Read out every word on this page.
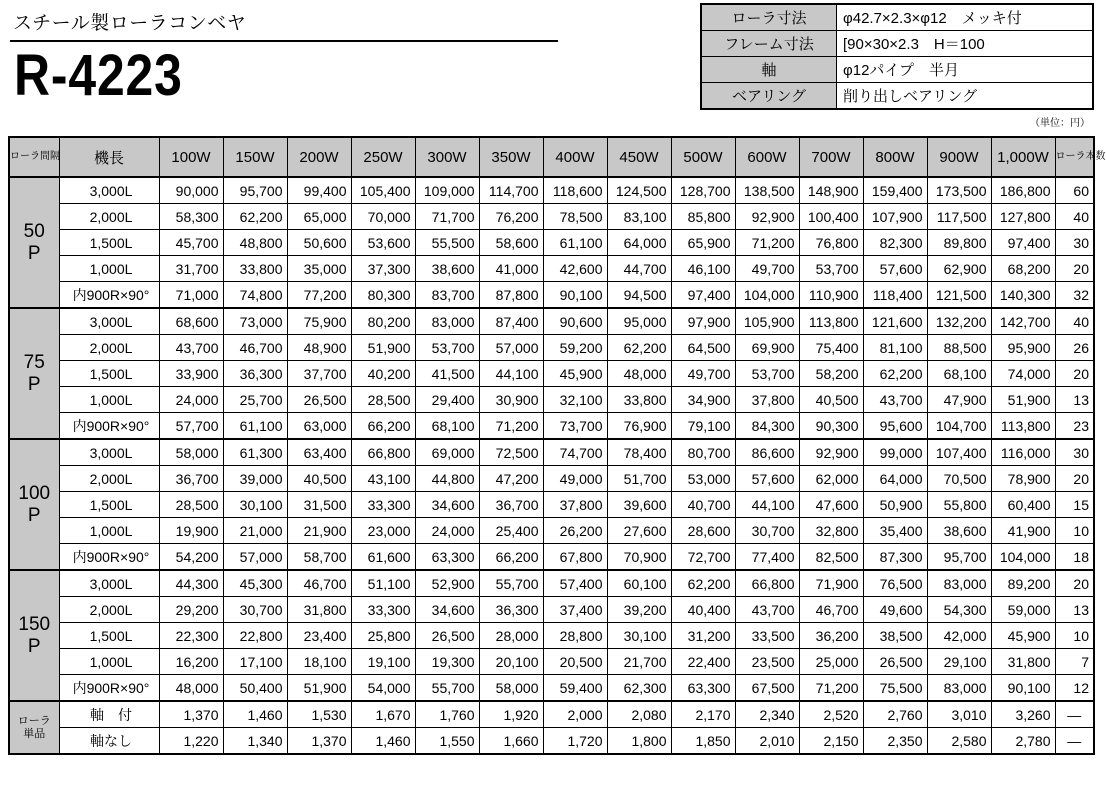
スチール製ローラコンベヤ
R-4223
ローラ寸法	φ42.7×2.3×φ12　メッキ付
フレーム寸法	[90×30×2.3　H＝100
軸	φ12パイプ　半月
ベアリング	削り出しベアリング
（単位：円）
ローラ間隔	機長	100W	150W	200W	250W	300W	350W	400W	450W	500W	600W	700W	800W	900W	1,000W	ローラ本数
50
P	3,000L	90,000	95,700	99,400	105,400	109,000	114,700	118,600	124,500	128,700	138,500	148,900	159,400	173,500	186,800	60
	2,000L	58,300	62,200	65,000	70,000	71,700	76,200	78,500	83,100	85,800	92,900	100,400	107,900	117,500	127,800	40
	1,500L	45,700	48,800	50,600	53,600	55,500	58,600	61,100	64,000	65,900	71,200	76,800	82,300	89,800	97,400	30
	1,000L	31,700	33,800	35,000	37,300	38,600	41,000	42,600	44,700	46,100	49,700	53,700	57,600	62,900	68,200	20
	内900R×90°	71,000	74,800	77,200	80,300	83,700	87,800	90,100	94,500	97,400	104,000	110,900	118,400	121,500	140,300	32
75
P	3,000L	68,600	73,000	75,900	80,200	83,000	87,400	90,600	95,000	97,900	105,900	113,800	121,600	132,200	142,700	40
	2,000L	43,700	46,700	48,900	51,900	53,700	57,000	59,200	62,200	64,500	69,900	75,400	81,100	88,500	95,900	26
	1,500L	33,900	36,300	37,700	40,200	41,500	44,100	45,900	48,000	49,700	53,700	58,200	62,200	68,100	74,000	20
	1,000L	24,000	25,700	26,500	28,500	29,400	30,900	32,100	33,800	34,900	37,800	40,500	43,700	47,900	51,900	13
	内900R×90°	57,700	61,100	63,000	66,200	68,100	71,200	73,700	76,900	79,100	84,300	90,300	95,600	104,700	113,800	23
100
P	3,000L	58,000	61,300	63,400	66,800	69,000	72,500	74,700	78,400	80,700	86,600	92,900	99,000	107,400	116,000	30
	2,000L	36,700	39,000	40,500	43,100	44,800	47,200	49,000	51,700	53,000	57,600	62,000	64,000	70,500	78,900	20
	1,500L	28,500	30,100	31,500	33,300	34,600	36,700	37,800	39,600	40,700	44,100	47,600	50,900	55,800	60,400	15
	1,000L	19,900	21,000	21,900	23,000	24,000	25,400	26,200	27,600	28,600	30,700	32,800	35,400	38,600	41,900	10
	内900R×90°	54,200	57,000	58,700	61,600	63,300	66,200	67,800	70,900	72,700	77,400	82,500	87,300	95,700	104,000	18
150
P	3,000L	44,300	45,300	46,700	51,100	52,900	55,700	57,400	60,100	62,200	66,800	71,900	76,500	83,000	89,200	20
	2,000L	29,200	30,700	31,800	33,300	34,600	36,300	37,400	39,200	40,400	43,700	46,700	49,600	54,300	59,000	13
	1,500L	22,300	22,800	23,400	25,800	26,500	28,000	28,800	30,100	31,200	33,500	36,200	38,500	42,000	45,900	10
	1,000L	16,200	17,100	18,100	19,100	19,300	20,100	20,500	21,700	22,400	23,500	25,000	26,500	29,100	31,800	7
	内900R×90°	48,000	50,400	51,900	54,000	55,700	58,000	59,400	62,300	63,300	67,500	71,200	75,500	83,000	90,100	12
ローラ
単品	軸　付	1,370	1,460	1,530	1,670	1,760	1,920	2,000	2,080	2,170	2,340	2,520	2,760	3,010	3,260	—
	軸なし	1,220	1,340	1,370	1,460	1,550	1,660	1,720	1,800	1,850	2,010	2,150	2,350	2,580	2,780	—
